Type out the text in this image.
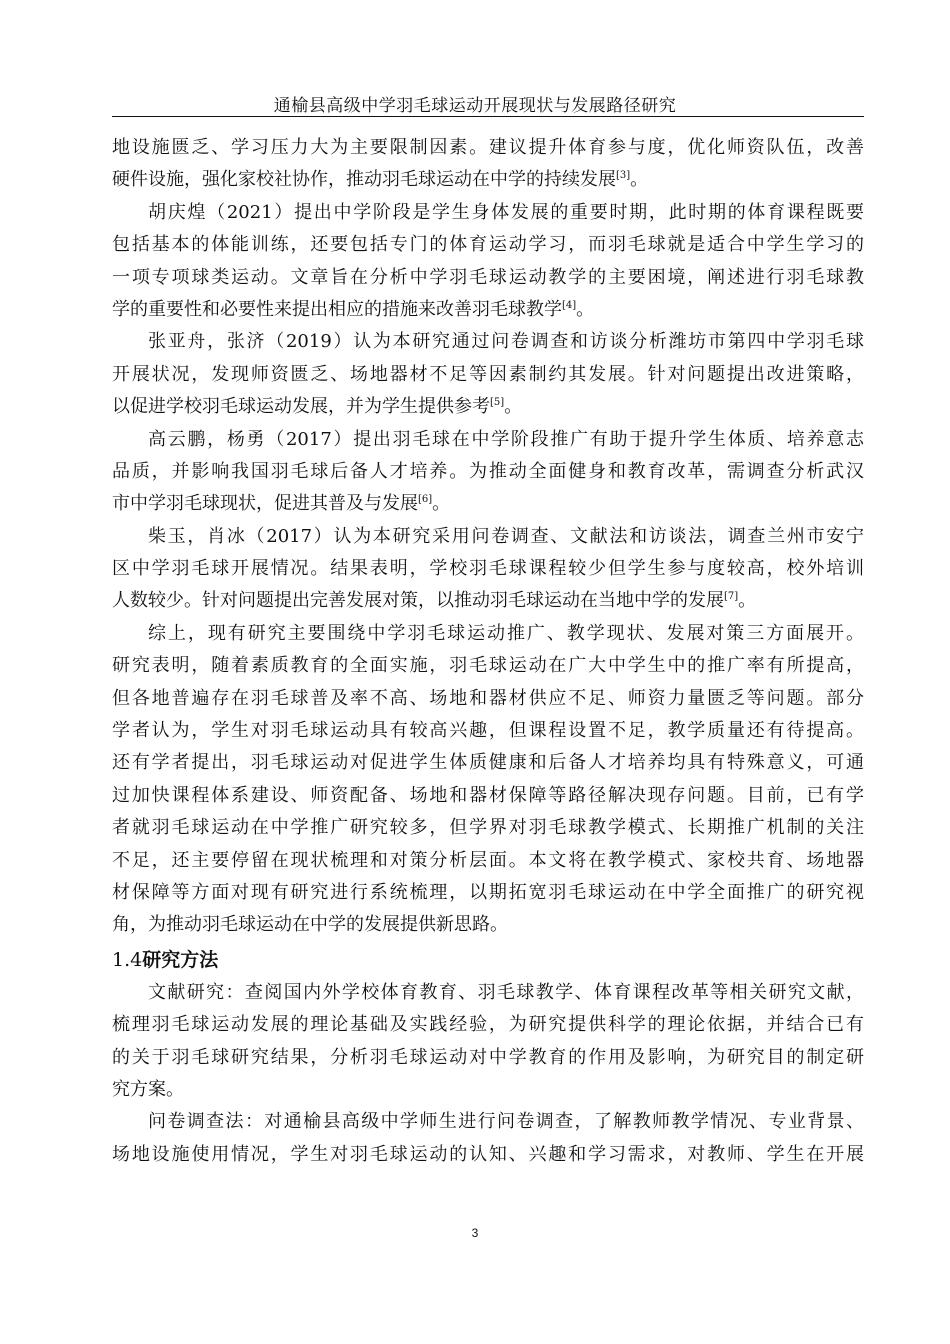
通榆县高级中学羽毛球运动开展现状与发展路径研究
地设施匮乏、学习压力大为主要限制因素。建议提升体育参与度，优化师资队伍，改善
硬件设施，强化家校社协作，推动羽毛球运动在中学的持续发展[3]。
胡庆煌（2021）提出中学阶段是学生身体发展的重要时期，此时期的体育课程既要
包括基本的体能训练，还要包括专门的体育运动学习，而羽毛球就是适合中学生学习的
一项专项球类运动。文章旨在分析中学羽毛球运动教学的主要困境，阐述进行羽毛球教
学的重要性和必要性来提出相应的措施来改善羽毛球教学[4]。
张亚舟，张济（2019）认为本研究通过问卷调查和访谈分析潍坊市第四中学羽毛球
开展状况，发现师资匮乏、场地器材不足等因素制约其发展。针对问题提出改进策略，
以促进学校羽毛球运动发展，并为学生提供参考[5]。
高云鹏，杨勇（2017）提出羽毛球在中学阶段推广有助于提升学生体质、培养意志
品质，并影响我国羽毛球后备人才培养。为推动全面健身和教育改革，需调查分析武汉
市中学羽毛球现状，促进其普及与发展[6]。
柴玉，肖冰（2017）认为本研究采用问卷调查、文献法和访谈法，调查兰州市安宁
区中学羽毛球开展情况。结果表明，学校羽毛球课程较少但学生参与度较高，校外培训
人数较少。针对问题提出完善发展对策，以推动羽毛球运动在当地中学的发展[7]。
综上，现有研究主要围绕中学羽毛球运动推广、教学现状、发展对策三方面展开。
研究表明，随着素质教育的全面实施，羽毛球运动在广大中学生中的推广率有所提高，
但各地普遍存在羽毛球普及率不高、场地和器材供应不足、师资力量匮乏等问题。部分
学者认为，学生对羽毛球运动具有较高兴趣，但课程设置不足，教学质量还有待提高。
还有学者提出，羽毛球运动对促进学生体质健康和后备人才培养均具有特殊意义，可通
过加快课程体系建设、师资配备、场地和器材保障等路径解决现存问题。目前，已有学
者就羽毛球运动在中学推广研究较多，但学界对羽毛球教学模式、长期推广机制的关注
不足，还主要停留在现状梳理和对策分析层面。本文将在教学模式、家校共育、场地器
材保障等方面对现有研究进行系统梳理，以期拓宽羽毛球运动在中学全面推广的研究视
角，为推动羽毛球运动在中学的发展提供新思路。
1.4研究方法
文献研究：查阅国内外学校体育教育、羽毛球教学、体育课程改革等相关研究文献，
梳理羽毛球运动发展的理论基础及实践经验，为研究提供科学的理论依据，并结合已有
的关于羽毛球研究结果，分析羽毛球运动对中学教育的作用及影响，为研究目的制定研
究方案。
问卷调查法：对通榆县高级中学师生进行问卷调查，了解教师教学情况、专业背景、
场地设施使用情况，学生对羽毛球运动的认知、兴趣和学习需求，对教师、学生在开展
3
